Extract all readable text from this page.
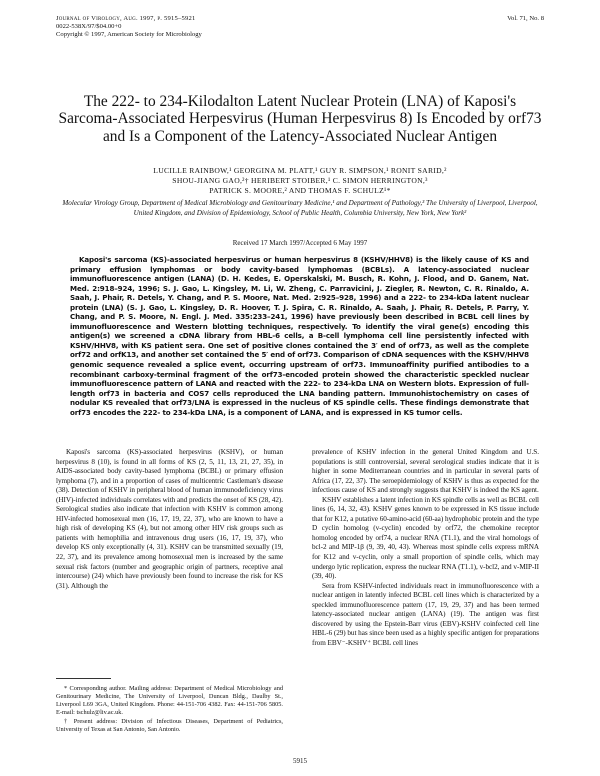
Journal of Virology, Aug. 1997, p. 5915–5921
0022-538X/97/$04.00+0
Copyright © 1997, American Society for Microbiology
Vol. 71, No. 8
The 222- to 234-Kilodalton Latent Nuclear Protein (LNA) of Kaposi's Sarcoma-Associated Herpesvirus (Human Herpesvirus 8) Is Encoded by orf73 and Is a Component of the Latency-Associated Nuclear Antigen
LUCILLE RAINBOW,¹ GEORGINA M. PLATT,¹ GUY R. SIMPSON,¹ RONIT SARID,²
SHOU-JIANG GAO,²† HERIBERT STOIBER,¹ C. SIMON HERRINGTON,³
PATRICK S. MOORE,² AND THOMAS F. SCHULZ¹*
Molecular Virology Group, Department of Medical Microbiology and Genitourinary Medicine,¹ and Department of Pathology,³ The University of Liverpool, Liverpool, United Kingdom, and Division of Epidemiology, School of Public Health, Columbia University, New York, New York²
Received 17 March 1997/Accepted 6 May 1997
Kaposi's sarcoma (KS)-associated herpesvirus or human herpesvirus 8 (KSHV/HHV8) is the likely cause of KS and primary effusion lymphomas or body cavity-based lymphomas (BCBLs). A latency-associated nuclear immunofluorescence antigen (LANA) (D. H. Kedes, E. Operskalski, M. Busch, R. Kohn, J. Flood, and D. Ganem, Nat. Med. 2:918–924, 1996; S. J. Gao, L. Kingsley, M. Li, W. Zheng, C. Parravicini, J. Ziegler, R. Newton, C. R. Rinaldo, A. Saah, J. Phair, R. Detels, Y. Chang, and P. S. Moore, Nat. Med. 2:925–928, 1996) and a 222- to 234-kDa latent nuclear protein (LNA) (S. J. Gao, L. Kingsley, D. R. Hoover, T. J. Spira, C. R. Rinaldo, A. Saah, J. Phair, R. Detels, P. Parry, Y. Chang, and P. S. Moore, N. Engl. J. Med. 335:233–241, 1996) have previously been described in BCBL cell lines by immunofluorescence and Western blotting techniques, respectively. To identify the viral gene(s) encoding this antigen(s) we screened a cDNA library from HBL-6 cells, a B-cell lymphoma cell line persistently infected with KSHV/HHV8, with KS patient sera. One set of positive clones contained the 3′ end of orf73, as well as the complete orf72 and orfK13, and another set contained the 5′ end of orf73. Comparison of cDNA sequences with the KSHV/HHV8 genomic sequence revealed a splice event, occurring upstream of orf73. Immunoaffinity purified antibodies to a recombinant carboxy-terminal fragment of the orf73-encoded protein showed the characteristic speckled nuclear immunofluorescence pattern of LANA and reacted with the 222- to 234-kDa LNA on Western blots. Expression of full-length orf73 in bacteria and COS7 cells reproduced the LNA banding pattern. Immunohistochemistry on cases of nodular KS revealed that orf73/LNA is expressed in the nucleus of KS spindle cells. These findings demonstrate that orf73 encodes the 222- to 234-kDa LNA, is a component of LANA, and is expressed in KS tumor cells.

Kaposi's sarcoma (KS)-associated herpesvirus (KSHV), or human herpesvirus 8 (10), is found in all forms of KS (2, 5, 11, 13, 21, 27, 35), in AIDS-associated body cavity-based lymphoma (BCBL) or primary effusion lymphoma (7), and in a proportion of cases of multicentric Castleman's disease (38). Detection of KSHV in peripheral blood of human immunodeficiency virus (HIV)-infected individuals correlates with and predicts the onset of KS (28, 42). Serological studies also indicate that infection with KSHV is common among HIV-infected homosexual men (16, 17, 19, 22, 37), who are known to have a high risk of developing KS (4), but not among other HIV risk groups such as patients with hemophilia and intravenous drug users (16, 17, 19, 37), who develop KS only exceptionally (4, 31). KSHV can be transmitted sexually (19, 22, 37), and its prevalence among homosexual men is increased by the same sexual risk factors (number and geographic origin of partners, receptive anal intercourse) (24) which have previously been found to increase the risk for KS (31). Although the

* Corresponding author. Mailing address: Department of Medical Microbiology and Genitourinary Medicine, The University of Liverpool, Duncan Bldg., Daulby St., Liverpool L69 3GA, United Kingdom. Phone: 44-151-706 4382. Fax: 44-151-706 5805. E-mail: tschulz@liv.ac.uk.

† Present address: Division of Infectious Diseases, Department of Pediatrics, University of Texas at San Antonio, San Antonio.

prevalence of KSHV infection in the general United Kingdom and U.S. populations is still controversial, several serological studies indicate that it is higher in some Mediterranean countries and in particular in several parts of Africa (17, 22, 37). The seroepidemiology of KSHV is thus as expected for the infectious cause of KS and strongly suggests that KSHV is indeed the KS agent.

KSHV establishes a latent infection in KS spindle cells as well as BCBL cell lines (6, 14, 32, 43). KSHV genes known to be expressed in KS tissue include that for K12, a putative 60-amino-acid (60-aa) hydrophobic protein and the type D cyclin homolog (v-cyclin) encoded by orf72, the chemokine receptor homolog encoded by orf74, a nuclear RNA (T1.1), and the viral homologs of bcl-2 and MIP-1β (9, 39, 40, 43). Whereas most spindle cells express mRNA for K12 and v-cyclin, only a small proportion of spindle cells, which may undergo lytic replication, express the nuclear RNA (T1.1), v-bcl2, and v-MIP-II (39, 40).

Sera from KSHV-infected individuals react in immunofluorescence with a nuclear antigen in latently infected BCBL cell lines which is characterized by a speckled immunofluorescence pattern (17, 19, 29, 37) and has been termed latency-associated nuclear antigen (LANA) (19). The antigen was first discovered by using the Epstein-Barr virus (EBV)-KSHV coinfected cell line HBL-6 (29) but has since been used as a highly specific antigen for preparations from EBV⁻-KSHV⁺ BCBL cell lines

5915
